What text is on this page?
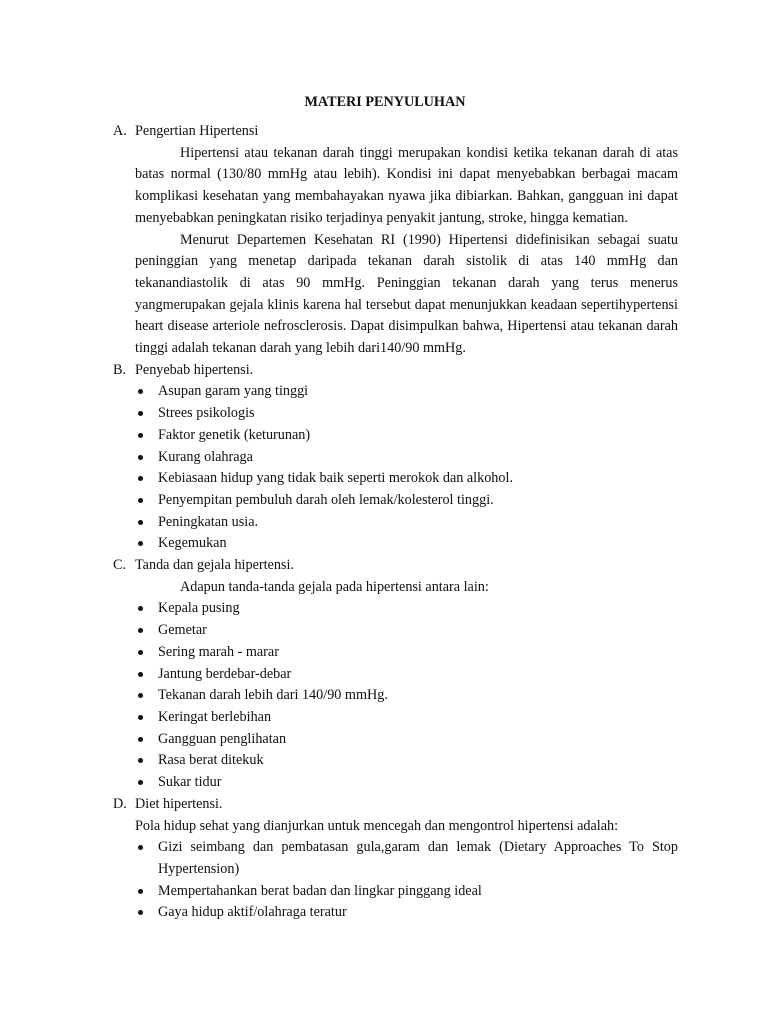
MATERI PENYULUHAN
A. Pengertian Hipertensi
Hipertensi atau tekanan darah tinggi merupakan kondisi ketika tekanan darah di atas batas normal (130/80 mmHg atau lebih). Kondisi ini dapat menyebabkan berbagai macam komplikasi kesehatan yang membahayakan nyawa jika dibiarkan. Bahkan, gangguan ini dapat menyebabkan peningkatan risiko terjadinya penyakit jantung, stroke, hingga kematian.
Menurut Departemen Kesehatan RI (1990) Hipertensi didefinisikan sebagai suatu peninggian yang menetap daripada tekanan darah sistolik di atas 140 mmHg dan tekanandiastolik di atas 90 mmHg. Peninggian tekanan darah yang terus menerus yangmerupakan gejala klinis karena hal tersebut dapat menunjukkan keadaan sepertihypertensi heart disease arteriole nefrosclerosis. Dapat disimpulkan bahwa, Hipertensi atau tekanan darah tinggi adalah tekanan darah yang lebih dari140/90 mmHg.
B. Penyebab hipertensi.
Asupan garam yang tinggi
Strees psikologis
Faktor genetik (keturunan)
Kurang olahraga
Kebiasaan hidup yang tidak baik seperti merokok dan alkohol.
Penyempitan pembuluh darah oleh lemak/kolesterol tinggi.
Peningkatan usia.
Kegemukan
C. Tanda dan gejala hipertensi.
Adapun tanda-tanda gejala pada hipertensi antara lain:
Kepala pusing
Gemetar
Sering marah - marar
Jantung berdebar-debar
Tekanan darah lebih dari 140/90 mmHg.
Keringat berlebihan
Gangguan penglihatan
Rasa berat ditekuk
Sukar tidur
D. Diet hipertensi.
Pola hidup sehat yang dianjurkan untuk mencegah dan mengontrol hipertensi adalah:
Gizi seimbang dan pembatasan gula,garam dan lemak (Dietary Approaches To Stop Hypertension)
Mempertahankan berat badan dan lingkar pinggang ideal
Gaya hidup aktif/olahraga teratur
